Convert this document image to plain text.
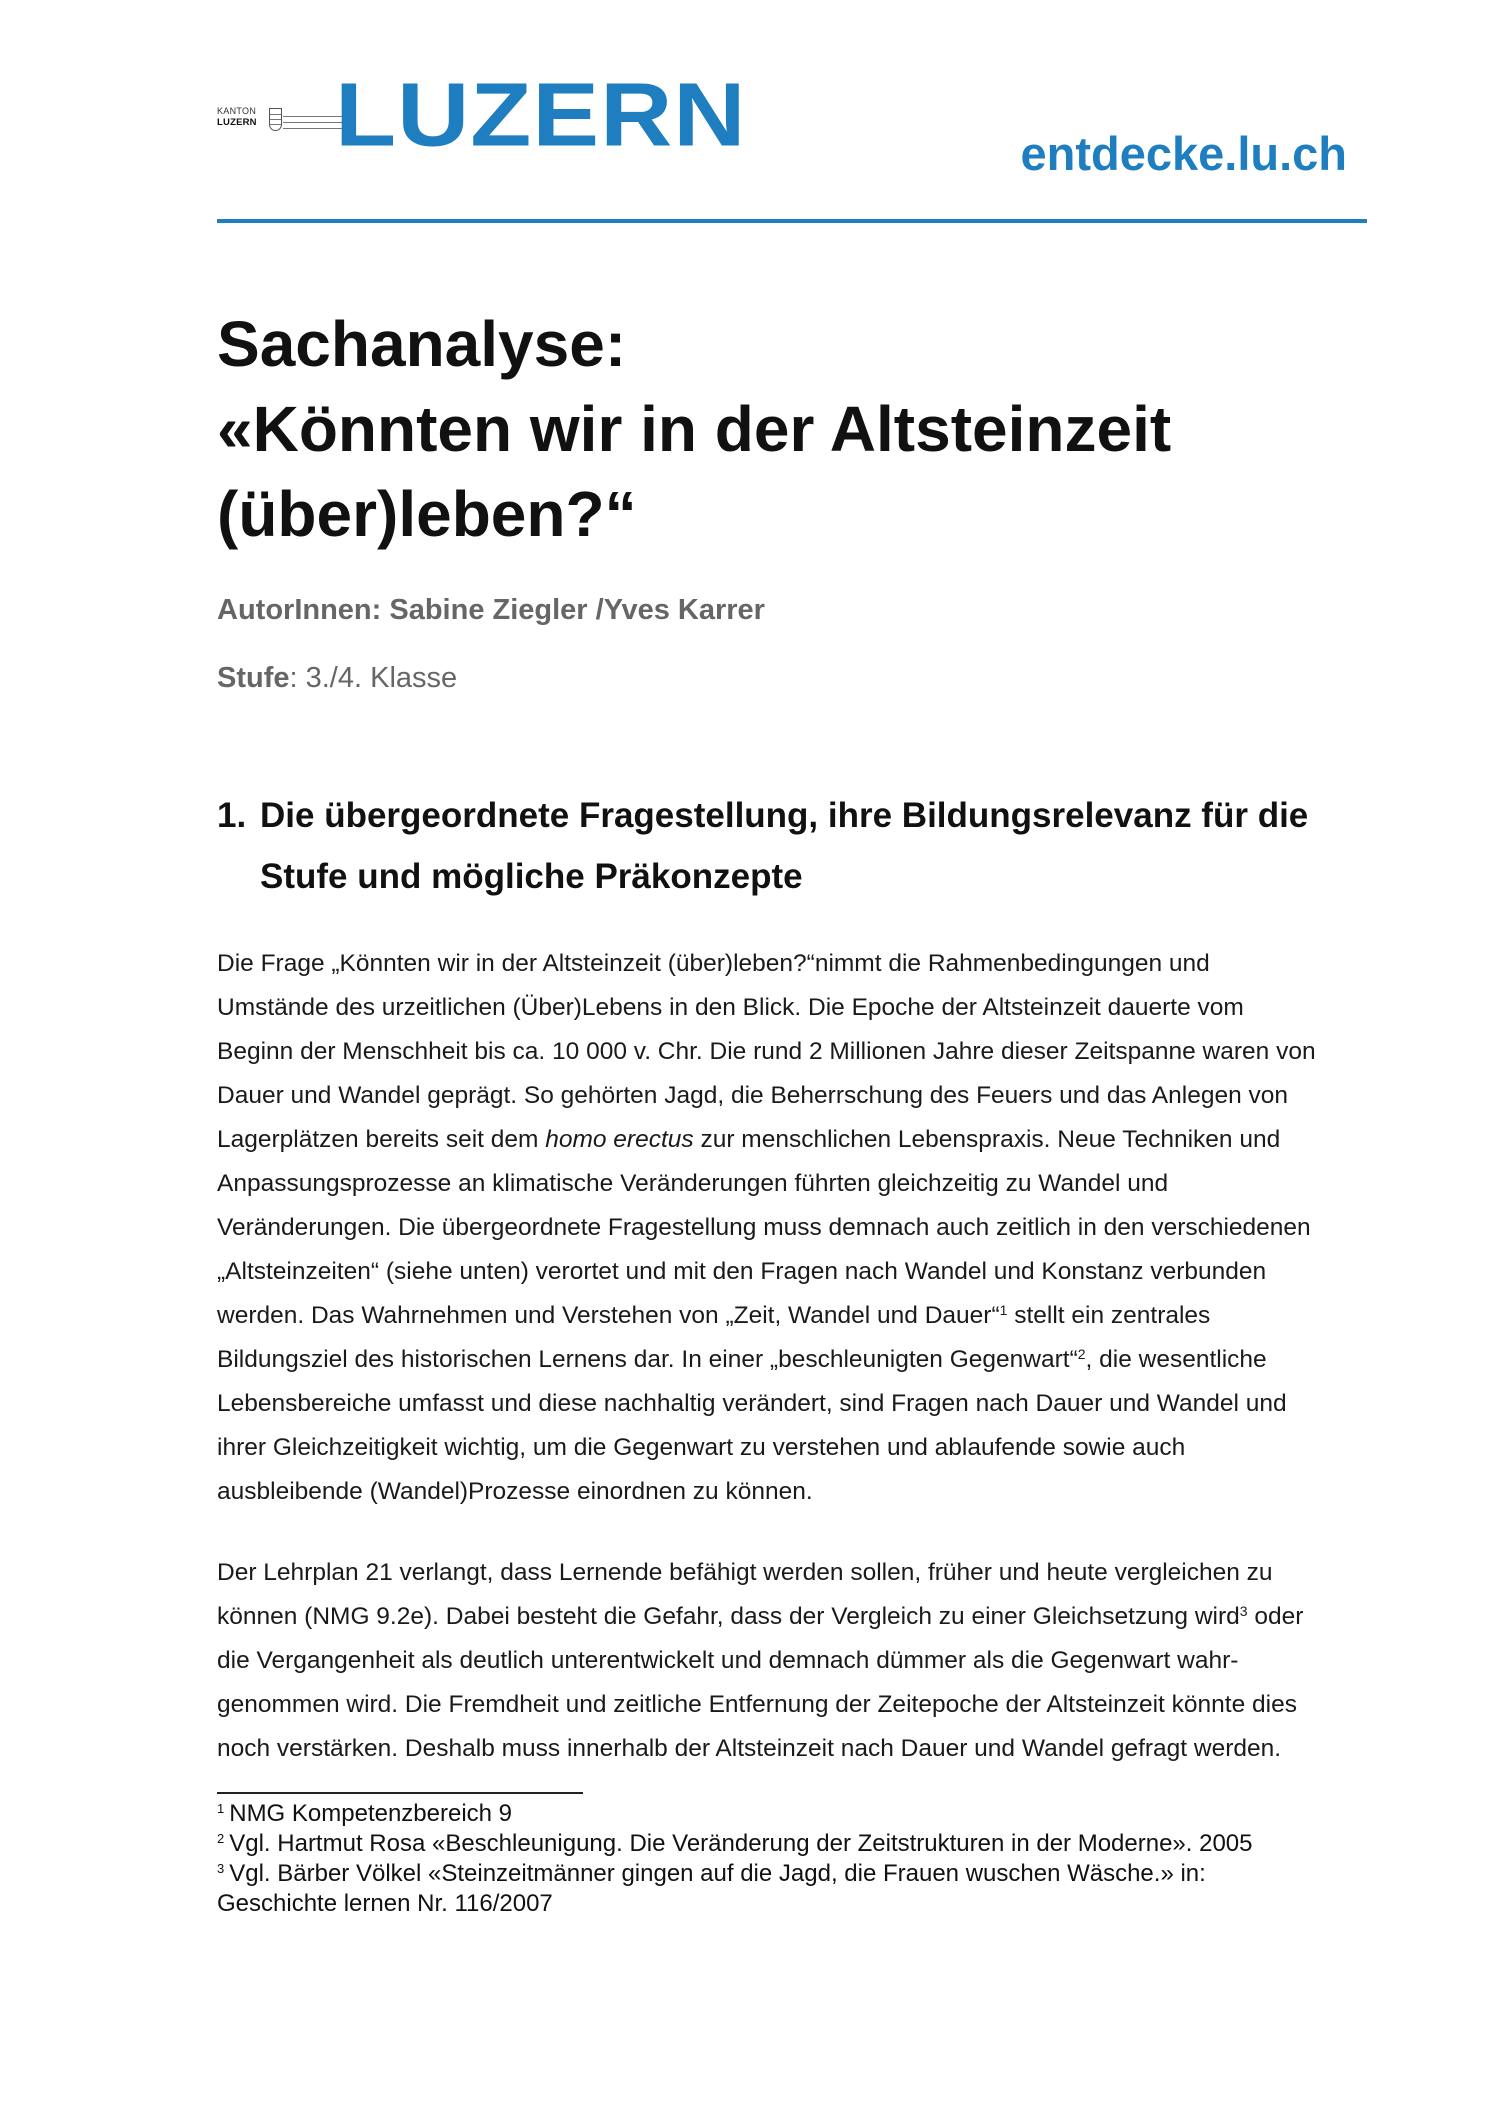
KANTON
LUZERN LUZERN	entdecke.lu.ch
Sachanalyse:
«Könnten wir in der Altsteinzeit
(über)leben?“
AutorInnen: Sabine Ziegler /Yves Karrer
Stufe: 3./4. Klasse
1. Die übergeordnete Fragestellung, ihre Bildungsrelevanz für die
Stufe und mögliche Präkonzepte

Die Frage „Könnten wir in der Altsteinzeit (über)leben?“nimmt die Rahmenbedingungen und
Umstände des urzeitlichen (Über)Lebens in den Blick. Die Epoche der Altsteinzeit dauerte vom
Beginn der Menschheit bis ca. 10 000 v. Chr. Die rund 2 Millionen Jahre dieser Zeitspanne waren von
Dauer und Wandel geprägt. So gehörten Jagd, die Beherrschung des Feuers und das Anlegen von
Lagerplätzen bereits seit dem homo erectus zur menschlichen Lebenspraxis. Neue Techniken und
Anpassungsprozesse an klimatische Veränderungen führten gleichzeitig zu Wandel und
Veränderungen. Die übergeordnete Fragestellung muss demnach auch zeitlich in den verschiedenen
„Altsteinzeiten“ (siehe unten) verortet und mit den Fragen nach Wandel und Konstanz verbunden
werden. Das Wahrnehmen und Verstehen von „Zeit, Wandel und Dauer“$^1$ stellt ein zentrales
Bildungsziel des historischen Lernens dar. In einer „beschleunigten Gegenwart“$^2$, die wesentliche
Lebensbereiche umfasst und diese nachhaltig verändert, sind Fragen nach Dauer und Wandel und
ihrer Gleichzeitigkeit wichtig, um die Gegenwart zu verstehen und ablaufende sowie auch
ausbleibende (Wandel)Prozesse einordnen zu können.

Der Lehrplan 21 verlangt, dass Lernende befähigt werden sollen, früher und heute vergleichen zu
können (NMG 9.2e). Dabei besteht die Gefahr, dass der Vergleich zu einer Gleichsetzung wird$^3$ oder
die Vergangenheit als deutlich unterentwickelt und demnach dümmer als die Gegenwart wahr-
genommen wird. Die Fremdheit und zeitliche Entfernung der Zeitepoche der Altsteinzeit könnte dies
noch verstärken. Deshalb muss innerhalb der Altsteinzeit nach Dauer und Wandel gefragt werden.

$^1$ NMG Kompetenzbereich 9

$^2$ Vgl. Hartmut Rosa «Beschleunigung. Die Veränderung der Zeitstrukturen in der Moderne». 2005

$^3$ Vgl. Bärber Völkel «Steinzeitmänner gingen auf die Jagd, die Frauen wuschen Wäsche.» in:
Geschichte lernen Nr. 116/2007
